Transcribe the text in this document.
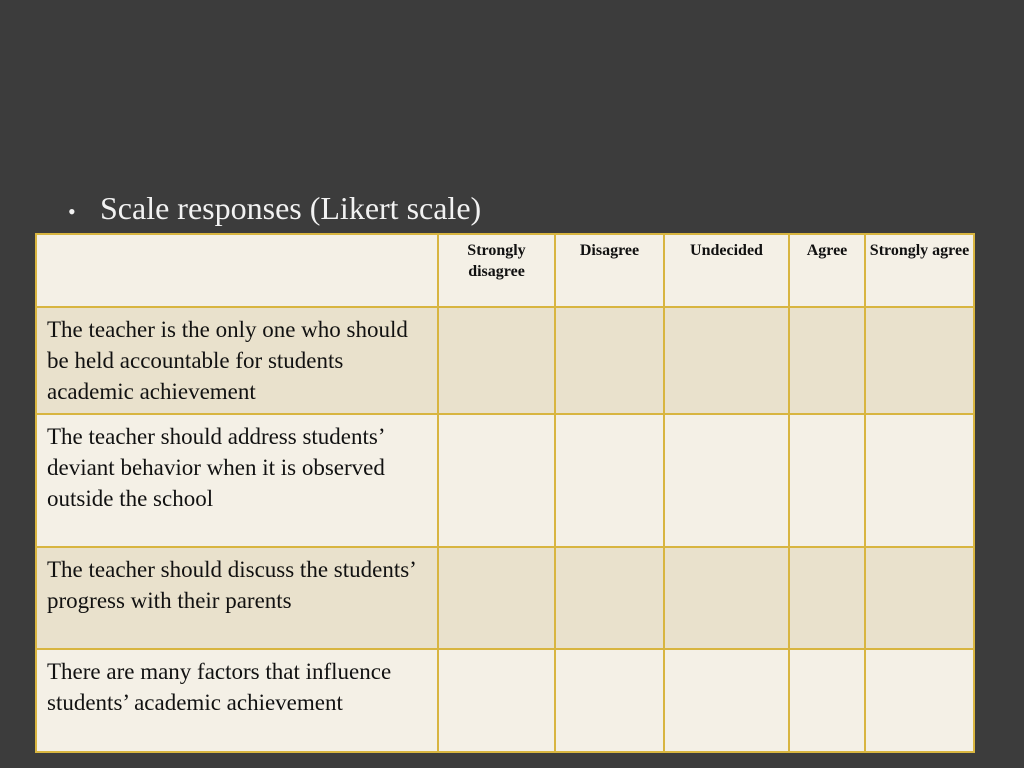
• Scale responses (Likert scale)
	Strongly disagree	Disagree	Undecided	Agree	Strongly agree
The teacher is the only one who should be held accountable for students academic achievement					
The teacher should address students’ deviant behavior when it is observed outside the school					
The teacher should discuss the students’ progress with their parents					
There are many factors that influence students’ academic achievement					
